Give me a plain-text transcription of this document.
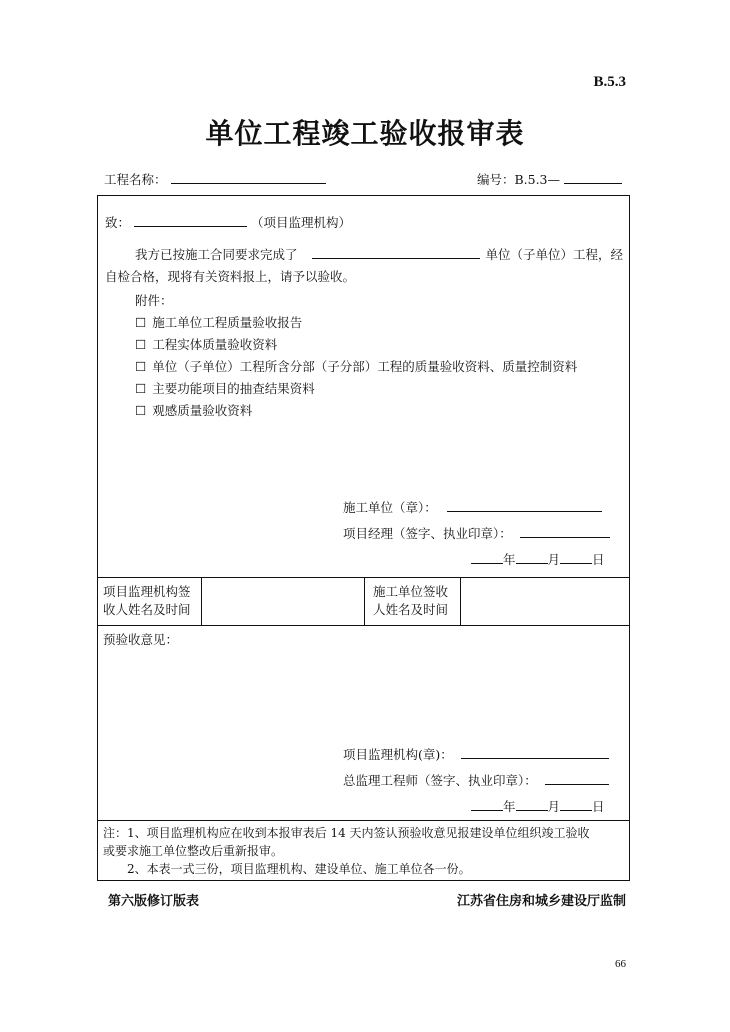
B.5.3
单位工程竣工验收报审表
工程名称：	编号：B.5.3—
致：	（项目监理机构）
我方已按施工合同要求完成了	单位（子单位）工程，经
自检合格，现将有关资料报上，请予以验收。
附件：
☐ 施工单位工程质量验收报告
☐ 工程实体质量验收资料
☐ 单位（子单位）工程所含分部（子分部）工程的质量验收资料、质量控制资料
☐ 主要功能项目的抽查结果资料
☐ 观感质量验收资料
施工单位（章）：
项目经理（签字、执业印章）：
年	月	日
项目监理机构签
收人姓名及时间
施工单位签收
人姓名及时间
预验收意见：
项目监理机构(章)：
总监理工程师（签字、执业印章）：
年	月	日
注：1、项目监理机构应在收到本报审表后 14 天内签认预验收意见报建设单位组织竣工验收
或要求施工单位整改后重新报审。
2、本表一式三份，项目监理机构、建设单位、施工单位各一份。
第六版修订版表	江苏省住房和城乡建设厅监制
66
